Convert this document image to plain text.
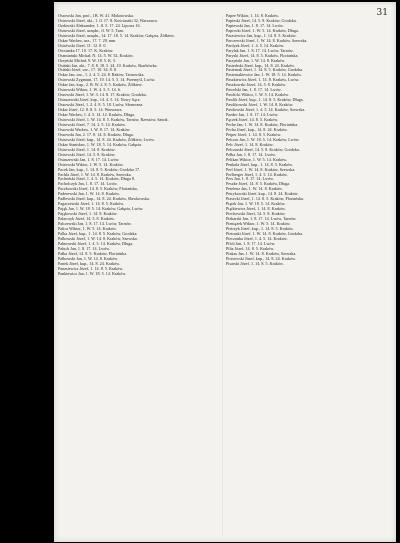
31

Ossowski Jan, prof., 1B. W. 41. Mokotowska.

Ostrowski Józef, akt., 1. fl. 17. 8. Kościuszki 32, Warszawa.

Ozdowski Aleksander, 1. fl. 5. 17. 24. Lipowa 16.

Ostrowski Józef, urzędn., fl. W. 5. Tam.

Ostrowski Józef, urzędn., 14. 17. 18. 5. 14. Kraków, Gałęzia, Żółkiew.

Oskar Wacław, urz., 17. 7. 29, mm.

Ostrówski Józef, 11. 12. 8. 0.

Owsianka 17. 10. 17. K. Kraków.

Oszmiański Michał, N. 14. 5. W. 52, Kraków.

Orzyński Michał, 9. W. 18. 5. K. 5.

Osiński Jan, akt., 7. 8. 8. 18. 5. 24. 10. Kraków, Skarbówka.

Osiński Józef, urz., 17. 10. 34. 8. 8.

Oskar Jan, urz., 1. 2. 4. 5. 24. 8. Raków, Tarnowska.

Ostrowski Zygmunt, 17. 10. 14. 5. 5. 14. Przemyśl, Lwów.

Oskar Jan, kup., 2. B. W. 2. 8. 5. Kraków, Żółkiew.

Ostrowski Wiktor, 1. W. 4. 5. 5. 14. 6.

Ossowski Józef, 1. W. 3. 14. 8. 17. Kraków, Grodzka.

Ostaszewski Józef, kup., 14. 4. 5. 14. Nowy Sącz.

Ossowski Józef, 1. 2. 4. 8. 5. 18. Lwów, Słoneczna.

Oskar Józef, 12. 8. 8. 5. 14. Warszawa.

Oskar Wacław, 1. 4. 5. 14. 12. Kraków, Długa.

Ostrowski Józef, 1. W. 14. 8. 5. Kraków, Tarnów, Rzeszów, Sanok.

Ostrowski Józef, 7. 14. 2. 5. 14. Kraków.

Ossowski Wacław, 1. W. 8. 17. 14. Kraków.

Ossowski Jan, 2. 17. 8. 14. 8. Kraków, Długa.

Ostrowski Józef, kup., 14. 8. 24. Kraków, Żółkiew, Lwów.

Oskar Stanisław, 1. W. 18. 5. 14. Kraków, Gałęzia.

Ostrowski Józef, 1. 14. 8. Kraków.

Ostrowski Józef, 14. 5. 8. Kraków.

Ostaszewski Jan, 1. 8. 17. 14. Lwów.

Ostrowski Wiktor, 1. W. 5. 14. Kraków.

Pacek Jan, kup., 1. 14. 8. 5. Kraków, Grodzka 17.

Pachla Józef, 1. W. 14. 8. Kraków, Szewska.

Pachoński Józef, 1. 4. 5. 14. Kraków, Długa 8.

Pacholczyk Jan, 1. 8. 17. 14. Lwów.

Paczkowski Józef, 14. 8. 5. Kraków, Floriańska.

Paderewski Jan, 1. W. 14. 8. Kraków.

Padlewski Józef, kup., 14. 8. 24. Kraków, Sławkowska.

Pagaczewski Józef, 1. 14. 8. 5. Kraków.

Pająk Jan, 1. W. 18. 5. 14. Kraków, Gałęzia, Lwów.

Pająkowski Józef, 1. 14. 8. Kraków.

Palarczyk Józef, 14. 5. 8. Kraków.

Palczewski Jan, 1. 8. 17. 14. Lwów, Tarnów.

Palica Wiktor, 1. W. 5. 14. Kraków.

Palka Józef, kup., 1. 14. 8. 5. Kraków, Grodzka.

Palkowski Józef, 1. W. 14. 8. Kraków, Szewska.

Palmowski Józef, 1. 4. 5. 14. Kraków, Długa.

Paluch Jan, 1. 8. 17. 14. Lwów.

Pałka Józef, 14. 8. 5. Kraków, Floriańska.

Pałkowski Jan, 1. W. 14. 8. Kraków.

Panek Józef, kup., 14. 8. 24. Kraków.

Panasiewicz Józef, 1. 14. 8. 5. Kraków.

Pankiewicz Jan, 1. W. 18. 5. 14. Kraków.

Papee Wiktor, 1. 14. 8. Kraków.

Papieski Józef, 14. 5. 8. Kraków, Grodzka.

Papiewski Jan, 1. 8. 17. 14. Lwów.

Paprocki Józef, 1. W. 5. 14. Kraków, Długa.

Parasiewicz Jan, kup., 1. 14. 8. 5. Kraków.

Parczewski Józef, 1. W. 14. 8. Kraków, Szewska.

Pardyak Józef, 1. 4. 5. 14. Kraków.

Parylak Jan, 1. 8. 17. 14. Lwów, Tarnów.

Paryski Józef, 14. 8. 5. Kraków, Floriańska.

Parzyński Jan, 1. W. 14. 8. Kraków.

Pasierbski Józef, kup., 14. 8. 24. Kraków.

Pasternak Józef, 1. 14. 8. 5. Kraków, Grodzka.

Pasternakiewicz Jan, 1. W. 18. 5. 14. Kraków.

Paszkiewicz Józef, 1. 14. 8. Kraków, Lwów.

Paszkowski Józef, 14. 5. 8. Kraków.

Pawelski Jan, 1. 8. 17. 14. Lwów.

Pawlicki Wiktor, 1. W. 5. 14. Kraków.

Pawlik Józef, kup., 1. 14. 8. 5. Kraków, Długa.

Pawlikowski Józef, 1. W. 14. 8. Kraków.

Pawłowski Józef, 1. 4. 5. 14. Kraków, Szewska.

Pazdro Jan, 1. 8. 17. 14. Lwów.

Pączek Józef, 14. 8. 5. Kraków.

Peche Jan, 1. W. 14. 8. Kraków, Floriańska.

Pecha Józef, kup., 14. 8. 24. Kraków.

Peiper Józef, 1. 14. 8. 5. Kraków.

Pelczar Jan, 1. W. 18. 5. 14. Kraków, Lwów.

Pelc Józef, 1. 14. 8. Kraków.

Pelczarski Józef, 14. 5. 8. Kraków, Grodzka.

Pełka Jan, 1. 8. 17. 14. Lwów.

Pelikan Wiktor, 1. W. 5. 14. Kraków.

Penkala Józef, kup., 1. 14. 8. 5. Kraków.

Perl Józef, 1. W. 14. 8. Kraków, Szewska.

Perlberger Józef, 1. 4. 5. 14. Kraków.

Pers Jan, 1. 8. 17. 14. Lwów.

Peszke Józef, 14. 8. 5. Kraków, Długa.

Petelenz Jan, 1. W. 14. 8. Kraków.

Petrykowski Józef, kup., 14. 8. 24. Kraków.

Piasecki Józef, 1. 14. 8. 5. Kraków, Floriańska.

Piątek Jan, 1. W. 18. 5. 14. Kraków.

Piątkiewicz Józef, 1. 14. 8. Kraków.

Piechowski Józef, 14. 5. 8. Kraków.

Piekarski Jan, 1. 8. 17. 14. Lwów, Tarnów.

Pieniążek Wiktor, 1. W. 5. 14. Kraków.

Pietrzyk Józef, kup., 1. 14. 8. 5. Kraków.

Pietruski Józef, 1. W. 14. 8. Kraków, Grodzka.

Pieczonka Józef, 1. 4. 5. 14. Kraków.

Pilch Jan, 1. 8. 17. 14. Lwów.

Piltz Józef, 14. 8. 5. Kraków.

Pinkas Jan, 1. W. 14. 8. Kraków, Szewska.

Piotrowski Józef, kup., 14. 8. 24. Kraków.

Pisarski Józef, 1. 14. 8. 5. Kraków.
